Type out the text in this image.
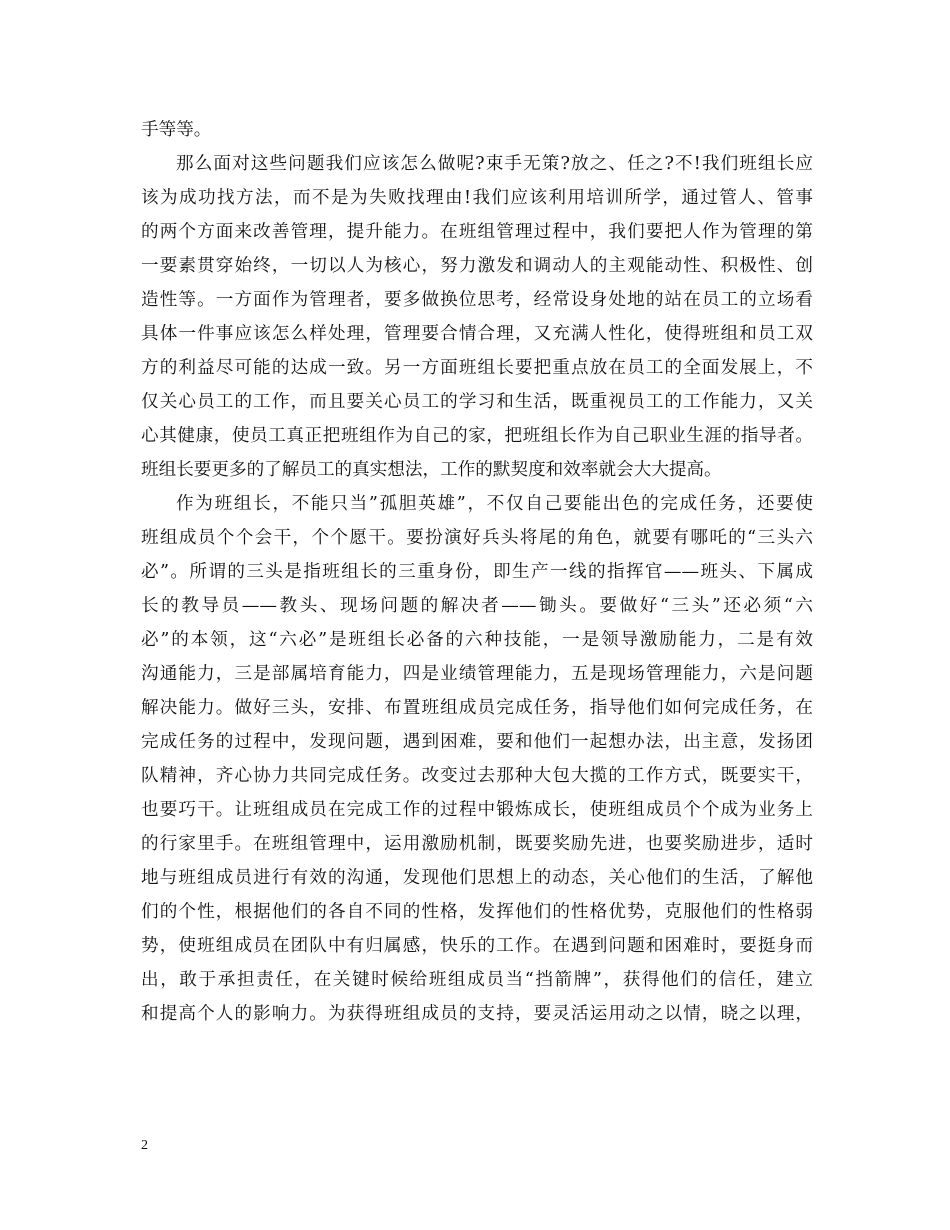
手等等。
那么面对这些问题我们应该怎么做呢?束手无策?放之、任之?不!我们班组长应
该为成功找方法，而不是为失败找理由!我们应该利用培训所学，通过管人、管事
的两个方面来改善管理，提升能力。在班组管理过程中，我们要把人作为管理的第
一要素贯穿始终，一切以人为核心，努力激发和调动人的主观能动性、积极性、创
造性等。一方面作为管理者，要多做换位思考，经常设身处地的站在员工的立场看
具体一件事应该怎么样处理，管理要合情合理，又充满人性化，使得班组和员工双
方的利益尽可能的达成一致。另一方面班组长要把重点放在员工的全面发展上，不
仅关心员工的工作，而且要关心员工的学习和生活，既重视员工的工作能力，又关
心其健康，使员工真正把班组作为自己的家，把班组长作为自己职业生涯的指导者。
班组长要更多的了解员工的真实想法，工作的默契度和效率就会大大提高。
作为班组长，不能只当”孤胆英雄”，不仅自己要能出色的完成任务，还要使
班组成员个个会干，个个愿干。要扮演好兵头将尾的角色，就要有哪吒的“三头六
必”。所谓的三头是指班组长的三重身份，即生产一线的指挥官——班头、下属成
长的教导员——教头、现场问题的解决者——锄头。要做好“三头”还必须“六
必”的本领，这“六必”是班组长必备的六种技能，一是领导激励能力，二是有效
沟通能力，三是部属培育能力，四是业绩管理能力，五是现场管理能力，六是问题
解决能力。做好三头，安排、布置班组成员完成任务，指导他们如何完成任务，在
完成任务的过程中，发现问题，遇到困难，要和他们一起想办法，出主意，发扬团
队精神，齐心协力共同完成任务。改变过去那种大包大揽的工作方式，既要实干，
也要巧干。让班组成员在完成工作的过程中锻炼成长，使班组成员个个成为业务上
的行家里手。在班组管理中，运用激励机制，既要奖励先进，也要奖励进步，适时
地与班组成员进行有效的沟通，发现他们思想上的动态，关心他们的生活，了解他
们的个性，根据他们的各自不同的性格，发挥他们的性格优势，克服他们的性格弱
势，使班组成员在团队中有归属感，快乐的工作。在遇到问题和困难时，要挺身而
出，敢于承担责任，在关键时候给班组成员当“挡箭牌”，获得他们的信任，建立
和提高个人的影响力。为获得班组成员的支持，要灵活运用动之以情，晓之以理，
2
